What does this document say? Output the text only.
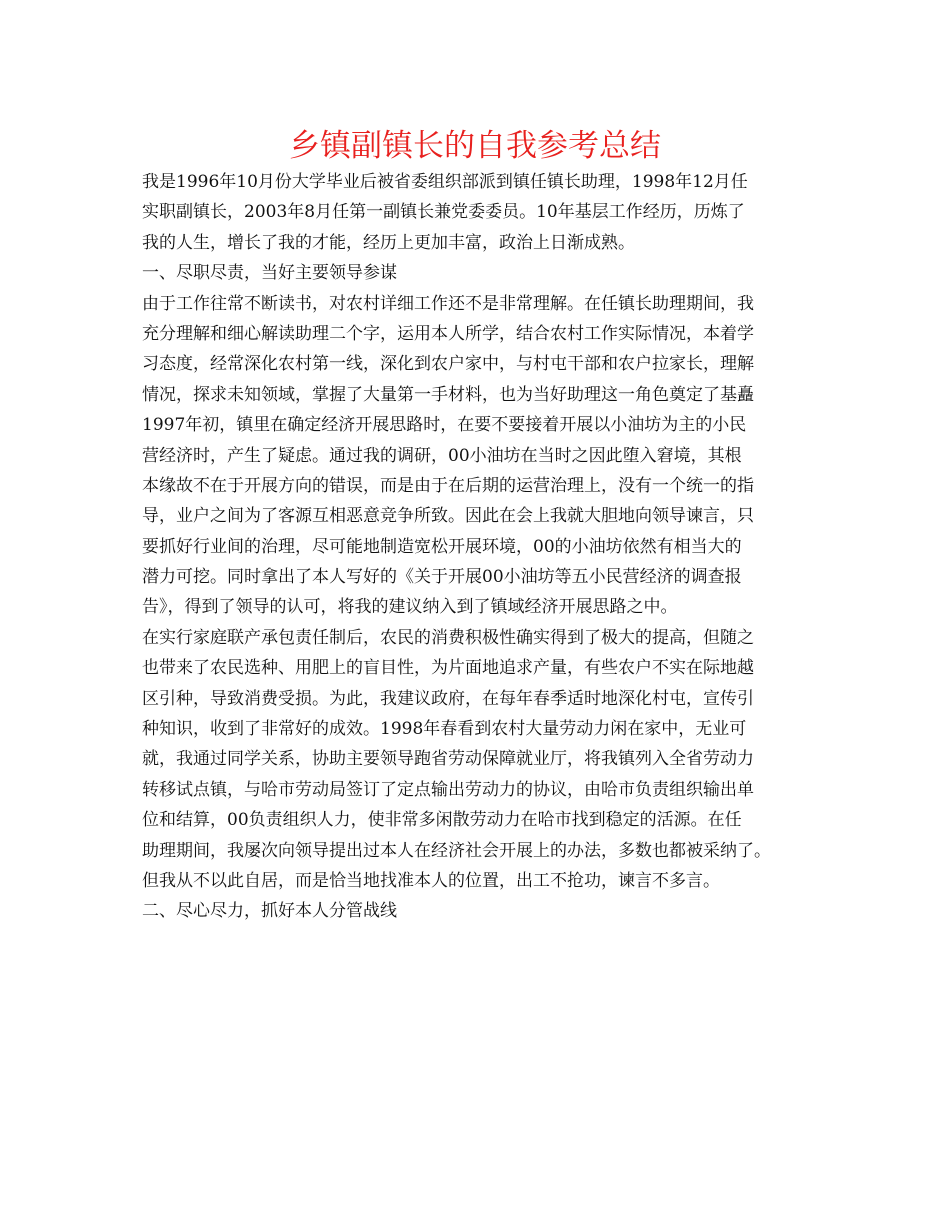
乡镇副镇长的自我参考总结
我是1996年10月份大学毕业后被省委组织部派到镇任镇长助理，1998年12月任
实职副镇长，2003年8月任第一副镇长兼党委委员。10年基层工作经历，历炼了
我的人生，增长了我的才能，经历上更加丰富，政治上日渐成熟。
一、尽职尽责，当好主要领导参谋
由于工作往常不断读书，对农村详细工作还不是非常理解。在任镇长助理期间，我
充分理解和细心解读助理二个字，运用本人所学，结合农村工作实际情况，本着学
习态度，经常深化农村第一线，深化到农户家中，与村屯干部和农户拉家长，理解
情况，探求未知领域，掌握了大量第一手材料，也为当好助理这一角色奠定了基矗
1997年初，镇里在确定经济开展思路时，在要不要接着开展以小油坊为主的小民
营经济时，产生了疑虑。通过我的调研，00小油坊在当时之因此堕入窘境，其根
本缘故不在于开展方向的错误，而是由于在后期的运营治理上，没有一个统一的指
导，业户之间为了客源互相恶意竞争所致。因此在会上我就大胆地向领导谏言，只
要抓好行业间的治理，尽可能地制造宽松开展环境，00的小油坊依然有相当大的
潜力可挖。同时拿出了本人写好的《关于开展00小油坊等五小民营经济的调查报
告》，得到了领导的认可，将我的建议纳入到了镇域经济开展思路之中。
在实行家庭联产承包责任制后，农民的消费积极性确实得到了极大的提高，但随之
也带来了农民选种、用肥上的盲目性，为片面地追求产量，有些农户不实在际地越
区引种，导致消费受损。为此，我建议政府，在每年春季适时地深化村屯，宣传引
种知识，收到了非常好的成效。1998年春看到农村大量劳动力闲在家中，无业可
就，我通过同学关系，协助主要领导跑省劳动保障就业厅，将我镇列入全省劳动力
转移试点镇，与哈市劳动局签订了定点输出劳动力的协议，由哈市负责组织输出单
位和结算，00负责组织人力，使非常多闲散劳动力在哈市找到稳定的活源。在任
助理期间，我屡次向领导提出过本人在经济社会开展上的办法，多数也都被采纳了。
但我从不以此自居，而是恰当地找准本人的位置，出工不抢功，谏言不多言。
二、尽心尽力，抓好本人分管战线
